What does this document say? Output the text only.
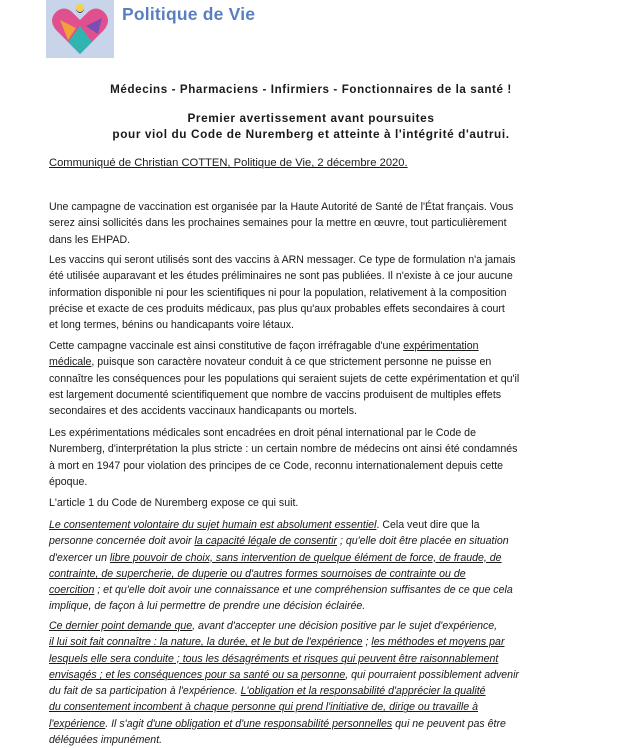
Politique de Vie
Médecins - Pharmaciens - Infirmiers - Fonctionnaires de la santé !
Premier avertissement avant poursuites
pour viol du Code de Nuremberg et atteinte à l'intégrité d'autrui.
Communiqué de Christian COTTEN, Politique de Vie, 2 décembre 2020.

Une campagne de vaccination est organisée par la Haute Autorité de Santé de l'État français. Vous
serez ainsi sollicités dans les prochaines semaines pour la mettre en œuvre, tout particulièrement
dans les EHPAD.

Les vaccins qui seront utilisés sont des vaccins à ARN messager. Ce type de formulation n'a jamais
été utilisée auparavant et les études préliminaires ne sont pas publiées. Il n'existe à ce jour aucune
information disponible ni pour les scientifiques ni pour la population, relativement à la composition
précise et exacte de ces produits médicaux, pas plus qu'aux probables effets secondaires à court
et long termes, bénins ou handicapants voire létaux.

Cette campagne vaccinale est ainsi constitutive de façon irréfragable d'une expérimentation
médicale, puisque son caractère novateur conduit à ce que strictement personne ne puisse en
connaître les conséquences pour les populations qui seraient sujets de cette expérimentation et qu'il
est largement documenté scientifiquement que nombre de vaccins produisent de multiples effets
secondaires et des accidents vaccinaux handicapants ou mortels.

Les expérimentations médicales sont encadrées en droit pénal international par le Code de
Nuremberg, d'interprétation la plus stricte : un certain nombre de médecins ont ainsi été condamnés
à mort en 1947 pour violation des principes de ce Code, reconnu internationalement depuis cette
époque.

L'article 1 du Code de Nuremberg expose ce qui suit.

Le consentement volontaire du sujet humain est absolument essentiel. Cela veut dire que la
personne concernée doit avoir la capacité légale de consentir ; qu'elle doit être placée en situation
d'exercer un libre pouvoir de choix, sans intervention de quelque élément de force, de fraude, de
contrainte, de supercherie, de duperie ou d'autres formes sournoises de contrainte ou de
coercition ; et qu'elle doit avoir une connaissance et une compréhension suffisantes de ce que cela
implique, de façon à lui permettre de prendre une décision éclairée.

Ce dernier point demande que, avant d'accepter une décision positive par le sujet d'expérience,
il lui soit fait connaître : la nature, la durée, et le but de l'expérience ; les méthodes et moyens par
lesquels elle sera conduite ; tous les désagréments et risques qui peuvent être raisonnablement
envisagés ; et les conséquences pour sa santé ou sa personne, qui pourraient possiblement advenir
du fait de sa participation à l'expérience. L'obligation et la responsabilité d'apprécier la qualité
du consentement incombent à chaque personne qui prend l'initiative de, dirige ou travaille à
l'expérience. Il s'agit d'une obligation et d'une responsabilité personnelles qui ne peuvent pas être
déléguées impunément.
